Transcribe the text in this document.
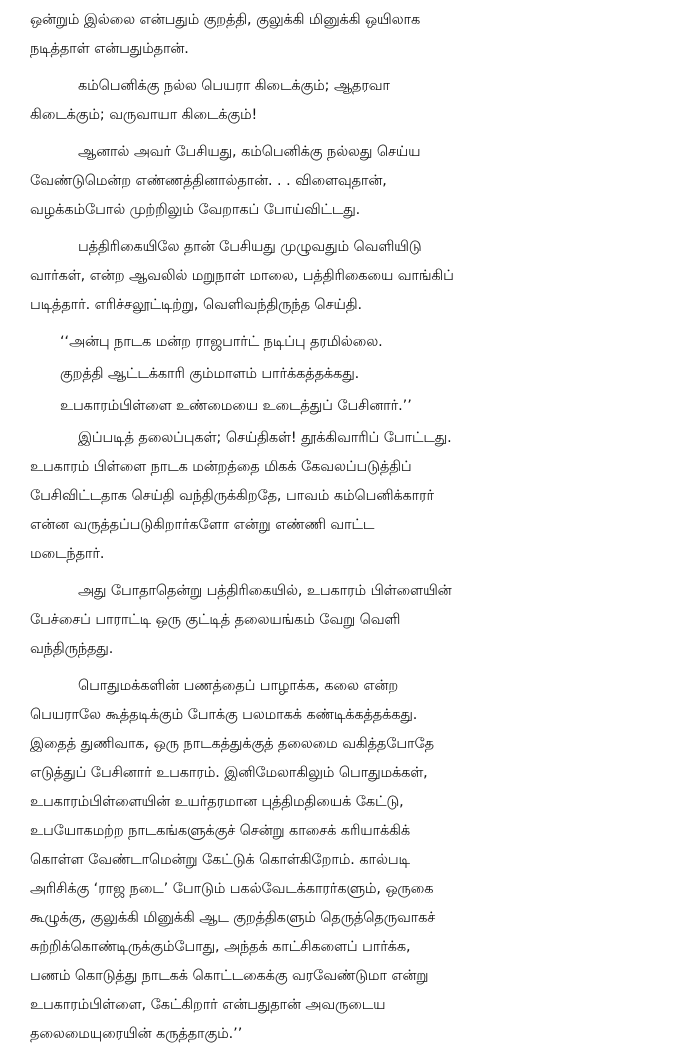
ஒன்றும் இல்லை என்பதும் குறத்தி, குலுக்கி மினுக்கி ஒயிலாக
நடித்தாள் என்பதும்தான்.
கம்பெனிக்கு நல்ல பெயரா கிடைக்கும்; ஆதரவா
கிடைக்கும்; வருவாயா கிடைக்கும்!
ஆனால் அவர் பேசியது, கம்பெனிக்கு நல்லது செய்ய
வேண்டுமென்ற எண்ணத்தினால்தான். . . விளைவுதான்,
வழக்கம்போல் முற்றிலும் வேறாகப் போய்விட்டது.
பத்திரிகையிலே தான் பேசியது முழுவதும் வெளியிடு
வார்கள், என்ற ஆவலில் மறுநாள் மாலை, பத்திரிகையை வாங்கிப்
படித்தார். எரிச்சலூட்டிற்று, வெளிவந்திருந்த செய்தி.
‘‘அன்பு நாடக மன்ற ராஜபார்ட் நடிப்பு தரமில்லை.
குறத்தி ஆட்டக்காரி கும்மாளம் பார்க்கத்தக்கது.
உபகாரம்பிள்ளை உண்மையை உடைத்துப் பேசினார்.’’
இப்படித் தலைப்புகள்; செய்திகள்! தூக்கிவாரிப் போட்டது.
உபகாரம் பிள்ளை நாடக மன்றத்தை மிகக் கேவலப்படுத்திப்
பேசிவிட்டதாக செய்தி வந்திருக்கிறதே, பாவம் கம்பெனிக்காரர்
என்ன வருத்தப்படுகிறார்களோ என்று எண்ணி வாட்ட
மடைந்தார்.
அது போதாதென்று பத்திரிகையில், உபகாரம் பிள்ளையின்
பேச்சைப் பாராட்டி ஒரு குட்டித் தலையங்கம் வேறு வெளி
வந்திருந்தது.
பொதுமக்களின் பணத்தைப் பாழாக்க, கலை என்ற
பெயராலே கூத்தடிக்கும் போக்கு பலமாகக் கண்டிக்கத்தக்கது.
இதைத் துணிவாக, ஒரு நாடகத்துக்குத் தலைமை வகித்தபோதே
எடுத்துப் பேசினார் உபகாரம். இனிமேலாகிலும் பொதுமக்கள்,
உபகாரம்பிள்ளையின் உயர்தரமான புத்திமதியைக் கேட்டு,
உபயோகமற்ற நாடகங்களுக்குச் சென்று காசைக் கரியாக்கிக்
கொள்ள வேண்டாமென்று கேட்டுக் கொள்கிறோம். கால்படி
அரிசிக்கு ‘ராஜ நடை’ போடும் பகல்வேடக்காரர்களும், ஒருகை
கூழுக்கு, குலுக்கி மினுக்கி ஆட குறத்திகளும் தெருத்தெருவாகச்
சுற்றிக்கொண்டிருக்கும்போது, அந்தக் காட்சிகளைப் பார்க்க,
பணம் கொடுத்து நாடகக் கொட்டகைக்கு வரவேண்டுமா என்று
உபகாரம்பிள்ளை, கேட்கிறார் என்பதுதான் அவருடைய
தலைமையுரையின் கருத்தாகும்.’’
